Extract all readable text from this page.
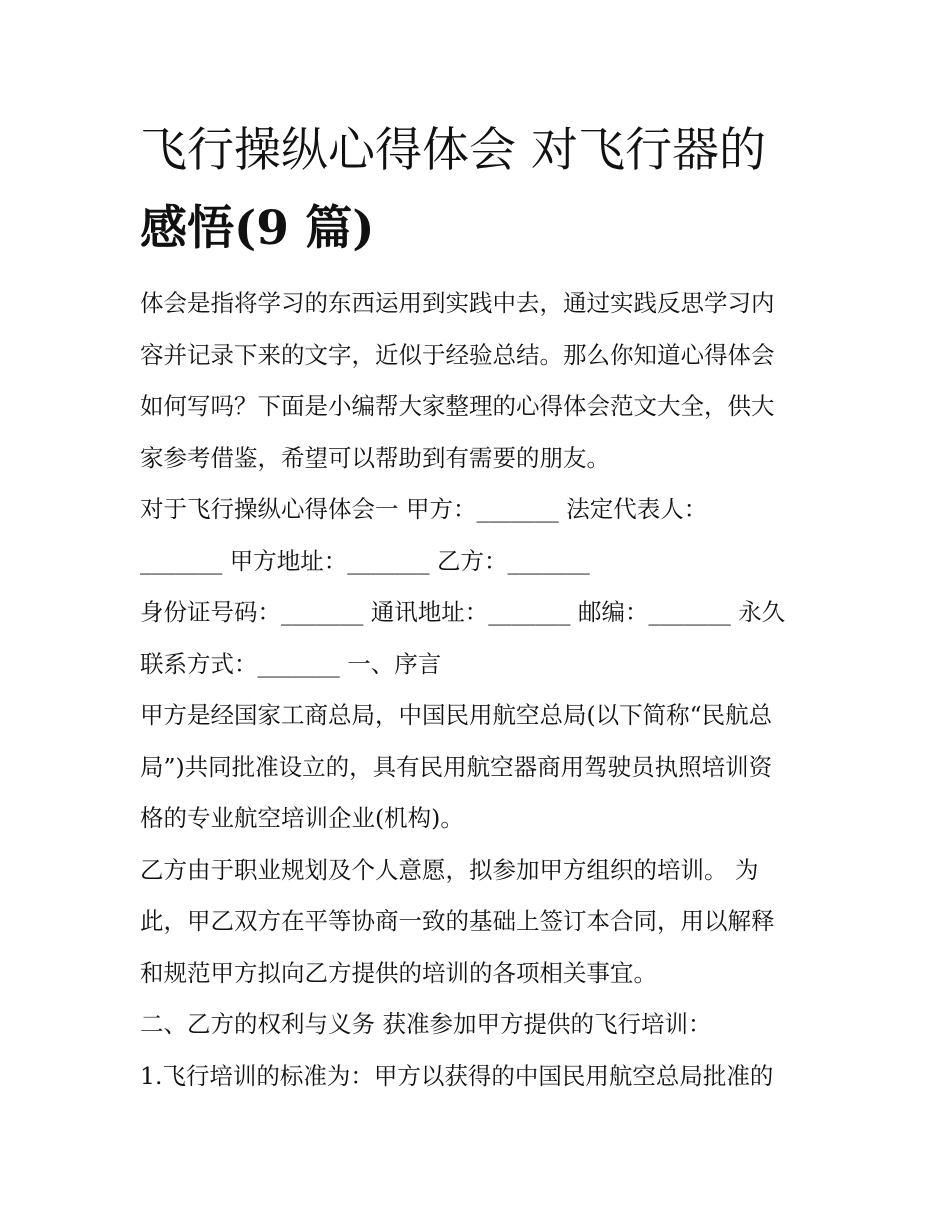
飞行操纵心得体会 对飞行器的
感悟(9 篇)

体会是指将学习的东西运用到实践中去，通过实践反思学习内

容并记录下来的文字，近似于经验总结。那么你知道心得体会

如何写吗？下面是小编帮大家整理的心得体会范文大全，供大

家参考借鉴，希望可以帮助到有需要的朋友。

对于飞行操纵心得体会一 甲方：_______ 法定代表人：

_______ 甲方地址：_______ 乙方：_______

身份证号码：_______ 通讯地址：_______ 邮编：_______ 永久

联系方式：_______ 一、序言

甲方是经国家工商总局，中国民用航空总局(以下简称“民航总

局”)共同批准设立的，具有民用航空器商用驾驶员执照培训资

格的专业航空培训企业(机构)。

乙方由于职业规划及个人意愿，拟参加甲方组织的培训。 为

此，甲乙双方在平等协商一致的基础上签订本合同，用以解释

和规范甲方拟向乙方提供的培训的各项相关事宜。

二、乙方的权利与义务 获准参加甲方提供的飞行培训：

1.飞行培训的标准为：甲方以获得的中国民用航空总局批准的
